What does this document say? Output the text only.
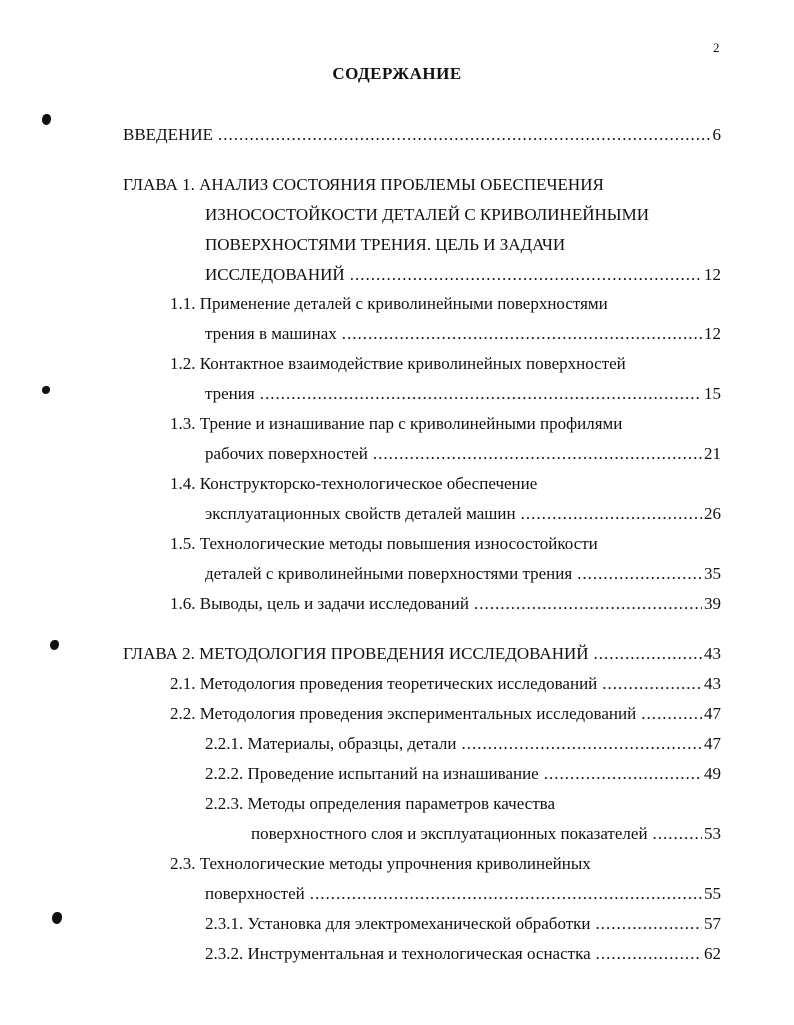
2
СОДЕРЖАНИЕ
ВВЕДЕНИЕ .....	6
ГЛАВА 1. АНАЛИЗ СОСТОЯНИЯ ПРОБЛЕМЫ ОБЕСПЕЧЕНИЯ
ИЗНОСОСТОЙКОСТИ ДЕТАЛЕЙ С КРИВОЛИНЕЙНЫМИ
ПОВЕРХНОСТЯМИ ТРЕНИЯ. ЦЕЛЬ И ЗАДАЧИ
ИССЛЕДОВАНИЙ .....	12
1.1. Применение деталей с криволинейными поверхностями
трения в машинах .....	12
1.2. Контактное взаимодействие криволинейных поверхностей
трения .....	15
1.3. Трение и изнашивание пар с криволинейными профилями
рабочих поверхностей .....	21
1.4. Конструкторско-технологическое обеспечение
эксплуатационных свойств деталей машин .....	26
1.5. Технологические методы повышения износостойкости
деталей с криволинейными поверхностями трения .....	35
1.6. Выводы, цель и задачи исследований .....	39
ГЛАВА 2. МЕТОДОЛОГИЯ ПРОВЕДЕНИЯ ИССЛЕДОВАНИЙ .....	43
2.1. Методология проведения теоретических исследований .....	43
2.2. Методология проведения экспериментальных исследований .....	47
2.2.1. Материалы, образцы, детали .....	47
2.2.2. Проведение испытаний на изнашивание .....	49
2.2.3. Методы определения параметров качества
поверхностного слоя и эксплуатационных показателей .....	53
2.3. Технологические методы упрочнения криволинейных
поверхностей .....	55
2.3.1. Установка для электромеханической обработки .....	57
2.3.2. Инструментальная и технологическая оснастка .....	62
